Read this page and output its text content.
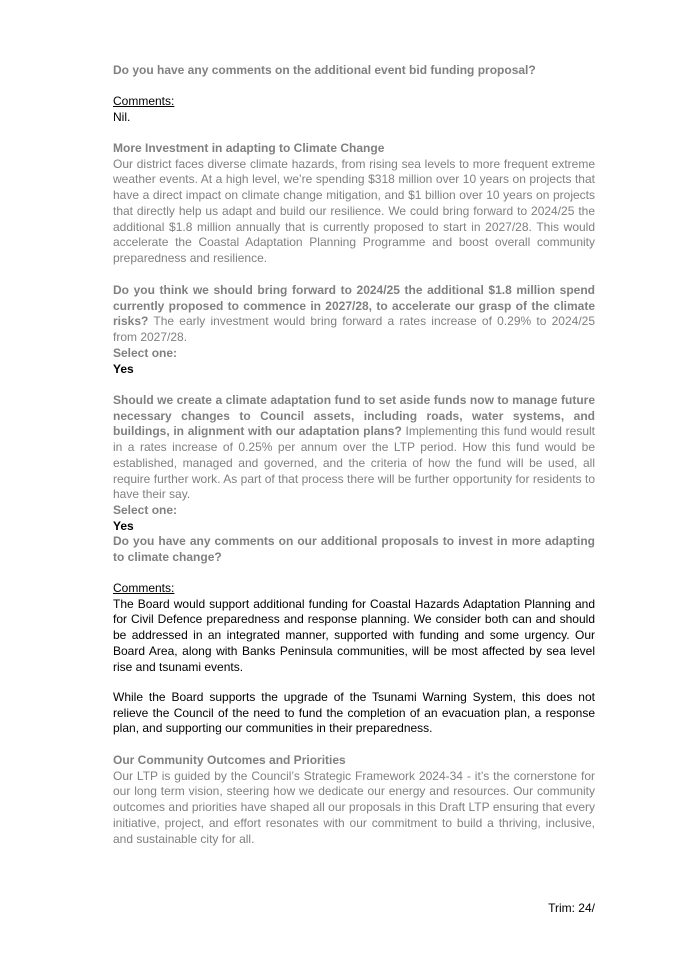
Do you have any comments on the additional event bid funding proposal?
Comments:
Nil.
More Investment in adapting to Climate Change
Our district faces diverse climate hazards, from rising sea levels to more frequent extreme weather events. At a high level, we’re spending $318 million over 10 years on projects that have a direct impact on climate change mitigation, and $1 billion over 10 years on projects that directly help us adapt and build our resilience. We could bring forward to 2024/25 the additional $1.8 million annually that is currently proposed to start in 2027/28. This would accelerate the Coastal Adaptation Planning Programme and boost overall community preparedness and resilience.
Do you think we should bring forward to 2024/25 the additional $1.8 million spend currently proposed to commence in 2027/28, to accelerate our grasp of the climate risks? The early investment would bring forward a rates increase of 0.29% to 2024/25 from 2027/28.
Select one:
Yes
Should we create a climate adaptation fund to set aside funds now to manage future necessary changes to Council assets, including roads, water systems, and buildings, in alignment with our adaptation plans? Implementing this fund would result in a rates increase of 0.25% per annum over the LTP period. How this fund would be established, managed and governed, and the criteria of how the fund will be used, all require further work. As part of that process there will be further opportunity for residents to have their say.
Select one:
Yes
Do you have any comments on our additional proposals to invest in more adapting to climate change?
Comments:
The Board would support additional funding for Coastal Hazards Adaptation Planning and for Civil Defence preparedness and response planning. We consider both can and should be addressed in an integrated manner, supported with funding and some urgency. Our Board Area, along with Banks Peninsula communities, will be most affected by sea level rise and tsunami events.
While the Board supports the upgrade of the Tsunami Warning System, this does not relieve the Council of the need to fund the completion of an evacuation plan, a response plan, and supporting our communities in their preparedness.
Our Community Outcomes and Priorities
Our LTP is guided by the Council’s Strategic Framework 2024-34 - it’s the cornerstone for our long term vision, steering how we dedicate our energy and resources. Our community outcomes and priorities have shaped all our proposals in this Draft LTP ensuring that every initiative, project, and effort resonates with our commitment to build a thriving, inclusive, and sustainable city for all.
Trim: 24/
